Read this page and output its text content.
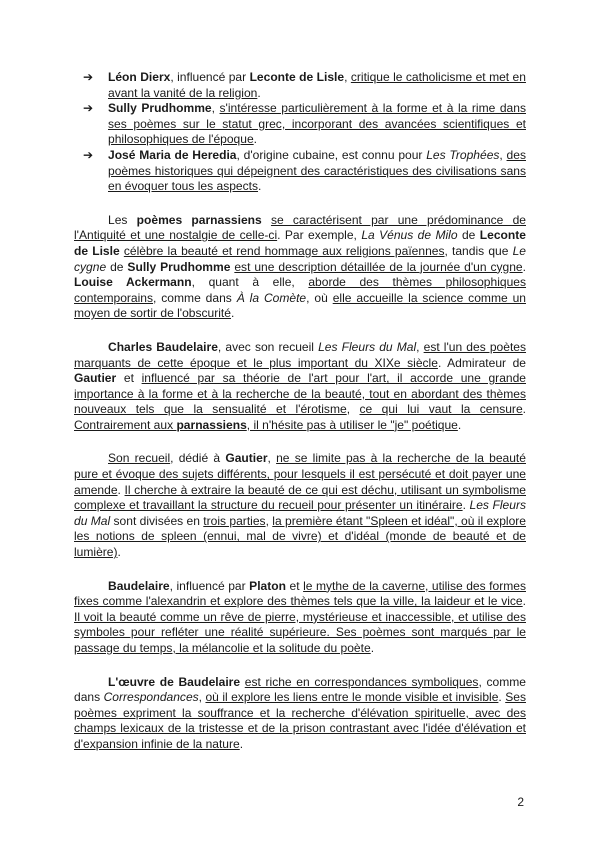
➔ Léon Dierx, influencé par Leconte de Lisle, critique le catholicisme et met en avant la vanité de la religion.
➔ Sully Prudhomme, s'intéresse particulièrement à la forme et à la rime dans ses poèmes sur le statut grec, incorporant des avancées scientifiques et philosophiques de l'époque.
➔ José Maria de Heredia, d'origine cubaine, est connu pour Les Trophées, des poèmes historiques qui dépeignent des caractéristiques des civilisations sans en évoquer tous les aspects.

Les poèmes parnassiens se caractérisent par une prédominance de l'Antiquité et une nostalgie de celle-ci. Par exemple, La Vénus de Milo de Leconte de Lisle célèbre la beauté et rend hommage aux religions païennes, tandis que Le cygne de Sully Prudhomme est une description détaillée de la journée d'un cygne. Louise Ackermann, quant à elle, aborde des thèmes philosophiques contemporains, comme dans À la Comète, où elle accueille la science comme un moyen de sortir de l'obscurité.

Charles Baudelaire, avec son recueil Les Fleurs du Mal, est l'un des poètes marquants de cette époque et le plus important du XIXe siècle. Admirateur de Gautier et influencé par sa théorie de l'art pour l'art, il accorde une grande importance à la forme et à la recherche de la beauté, tout en abordant des thèmes nouveaux tels que la sensualité et l'érotisme, ce qui lui vaut la censure. Contrairement aux parnassiens, il n'hésite pas à utiliser le "je" poétique.

Son recueil, dédié à Gautier, ne se limite pas à la recherche de la beauté pure et évoque des sujets différents, pour lesquels il est persécuté et doit payer une amende. Il cherche à extraire la beauté de ce qui est déchu, utilisant un symbolisme complexe et travaillant la structure du recueil pour présenter un itinéraire. Les Fleurs du Mal sont divisées en trois parties, la première étant "Spleen et idéal", où il explore les notions de spleen (ennui, mal de vivre) et d'idéal (monde de beauté et de lumière).

Baudelaire, influencé par Platon et le mythe de la caverne, utilise des formes fixes comme l'alexandrin et explore des thèmes tels que la ville, la laideur et le vice. Il voit la beauté comme un rêve de pierre, mystérieuse et inaccessible, et utilise des symboles pour refléter une réalité supérieure. Ses poèmes sont marqués par le passage du temps, la mélancolie et la solitude du poète.

L'œuvre de Baudelaire est riche en correspondances symboliques, comme dans Correspondances, où il explore les liens entre le monde visible et invisible. Ses poèmes expriment la souffrance et la recherche d'élévation spirituelle, avec des champs lexicaux de la tristesse et de la prison contrastant avec l'idée d'élévation et d'expansion infinie de la nature.

2
